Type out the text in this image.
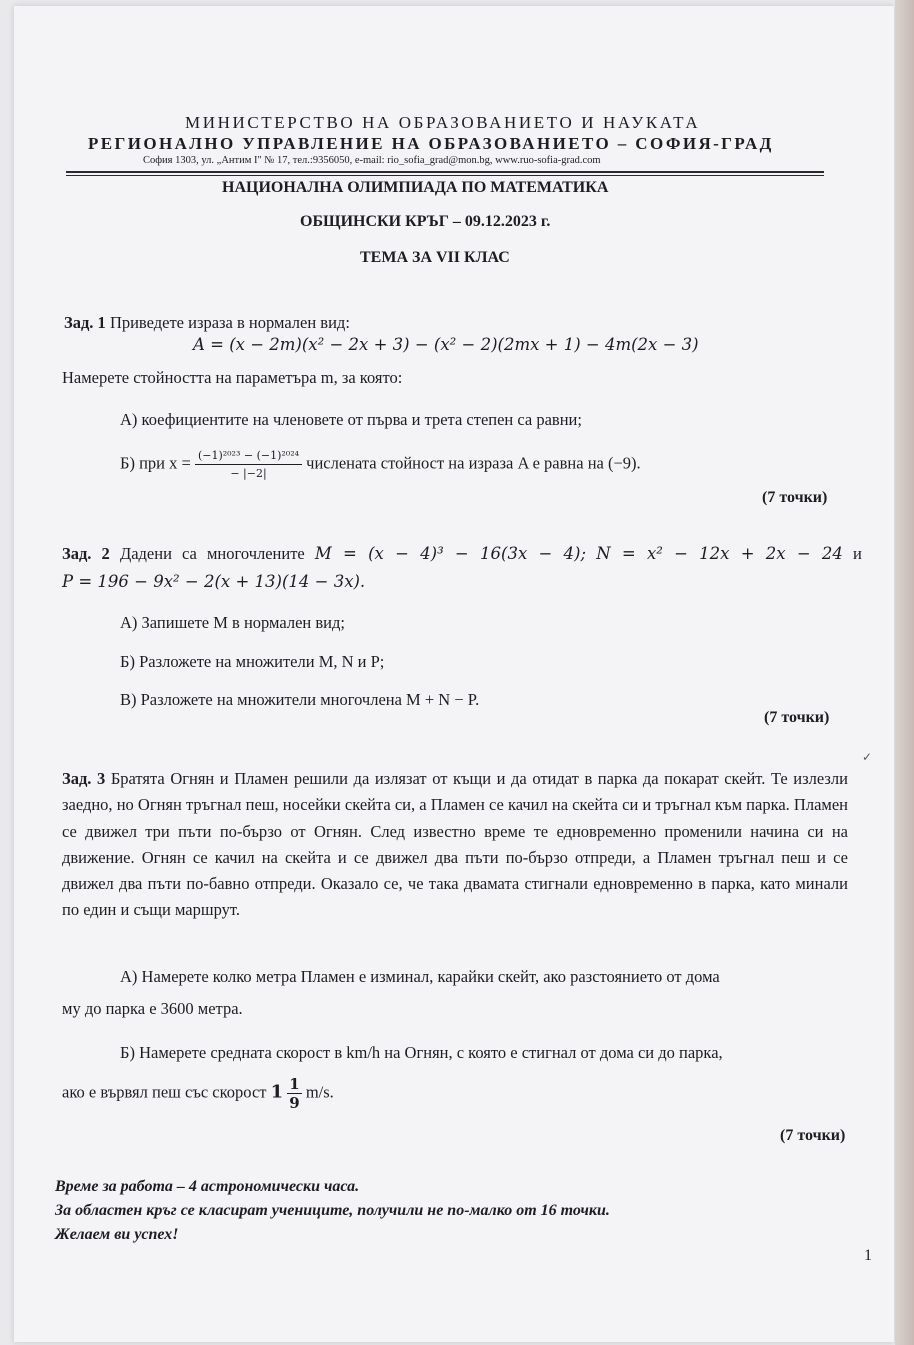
МИНИСТЕРСТВО НА ОБРАЗОВАНИЕТО И НАУКАТА
РЕГИОНАЛНО УПРАВЛЕНИЕ НА ОБРАЗОВАНИЕТО – СОФИЯ-ГРАД
София 1303, ул. „Антим I" № 17, тел.:9356050, e-mail: rio_sofia_grad@mon.bg, www.ruo-sofia-grad.com
НАЦИОНАЛНА ОЛИМПИАДА ПО МАТЕМАТИКА
ОБЩИНСКИ КРЪГ – 09.12.2023 г.
ТЕМА ЗА VII КЛАС
Зад. 1 Приведете израза в нормален вид:
A = (x − 2m)(x² − 2x + 3) − (x² − 2)(2mx + 1) − 4m(2x − 3)
Намерете стойността на параметъра m, за която:
А) коефициентите на членовете от първа и трета степен са равни;
Б) при $x = \frac{\text{(−1)²⁰²³ − (−1)²⁰²⁴}}{- |-2|}$ числената стойност на израза A е равна на (−9).
(7 точки)
Зад. 2 Дадени са многочлените M = (x − 4)³ − 16(3x − 4); N = x² − 12x + 2x − 24 и
P = 196 − 9x² − 2(x + 13)(14 − 3x).
А) Запишете M в нормален вид;
Б) Разложете на множители M, N и P;
В) Разложете на множители многочлена M + N − P.
(7 точки)
✓
Зад. 3 Братята Огнян и Пламен решили да излязат от къщи и да отидат в парка да покарат скейт. Те излезли заедно, но Огнян тръгнал пеш, носейки скейта си, а Пламен се качил на скейта си и тръгнал към парка. Пламен се движел три пъти по-бързо от Огнян. След известно време те едновременно променили начина си на движение. Огнян се качил на скейта и се движел два пъти по-бързо отпреди, а Пламен тръгнал пеш и се движел два пъти по-бавно отпреди. Оказало се, че така двамата стигнали едновременно в парка, като минали по един и същи маршрут.
А) Намерете колко метра Пламен е изминал, карайки скейт, ако разстоянието от дома
му до парка е 3600 метра.
Б) Намерете средната скорост в km/h на Огнян, с която е стигнал от дома си до парка,
ако е вървял пеш със скорост $1 \frac{1}{9} m/s$.
(7 точки)
Време за работа – 4 астрономически часа.
За областен кръг се класират учениците, получили не по-малко от 16 точки.
Желаем ви успех!
1
